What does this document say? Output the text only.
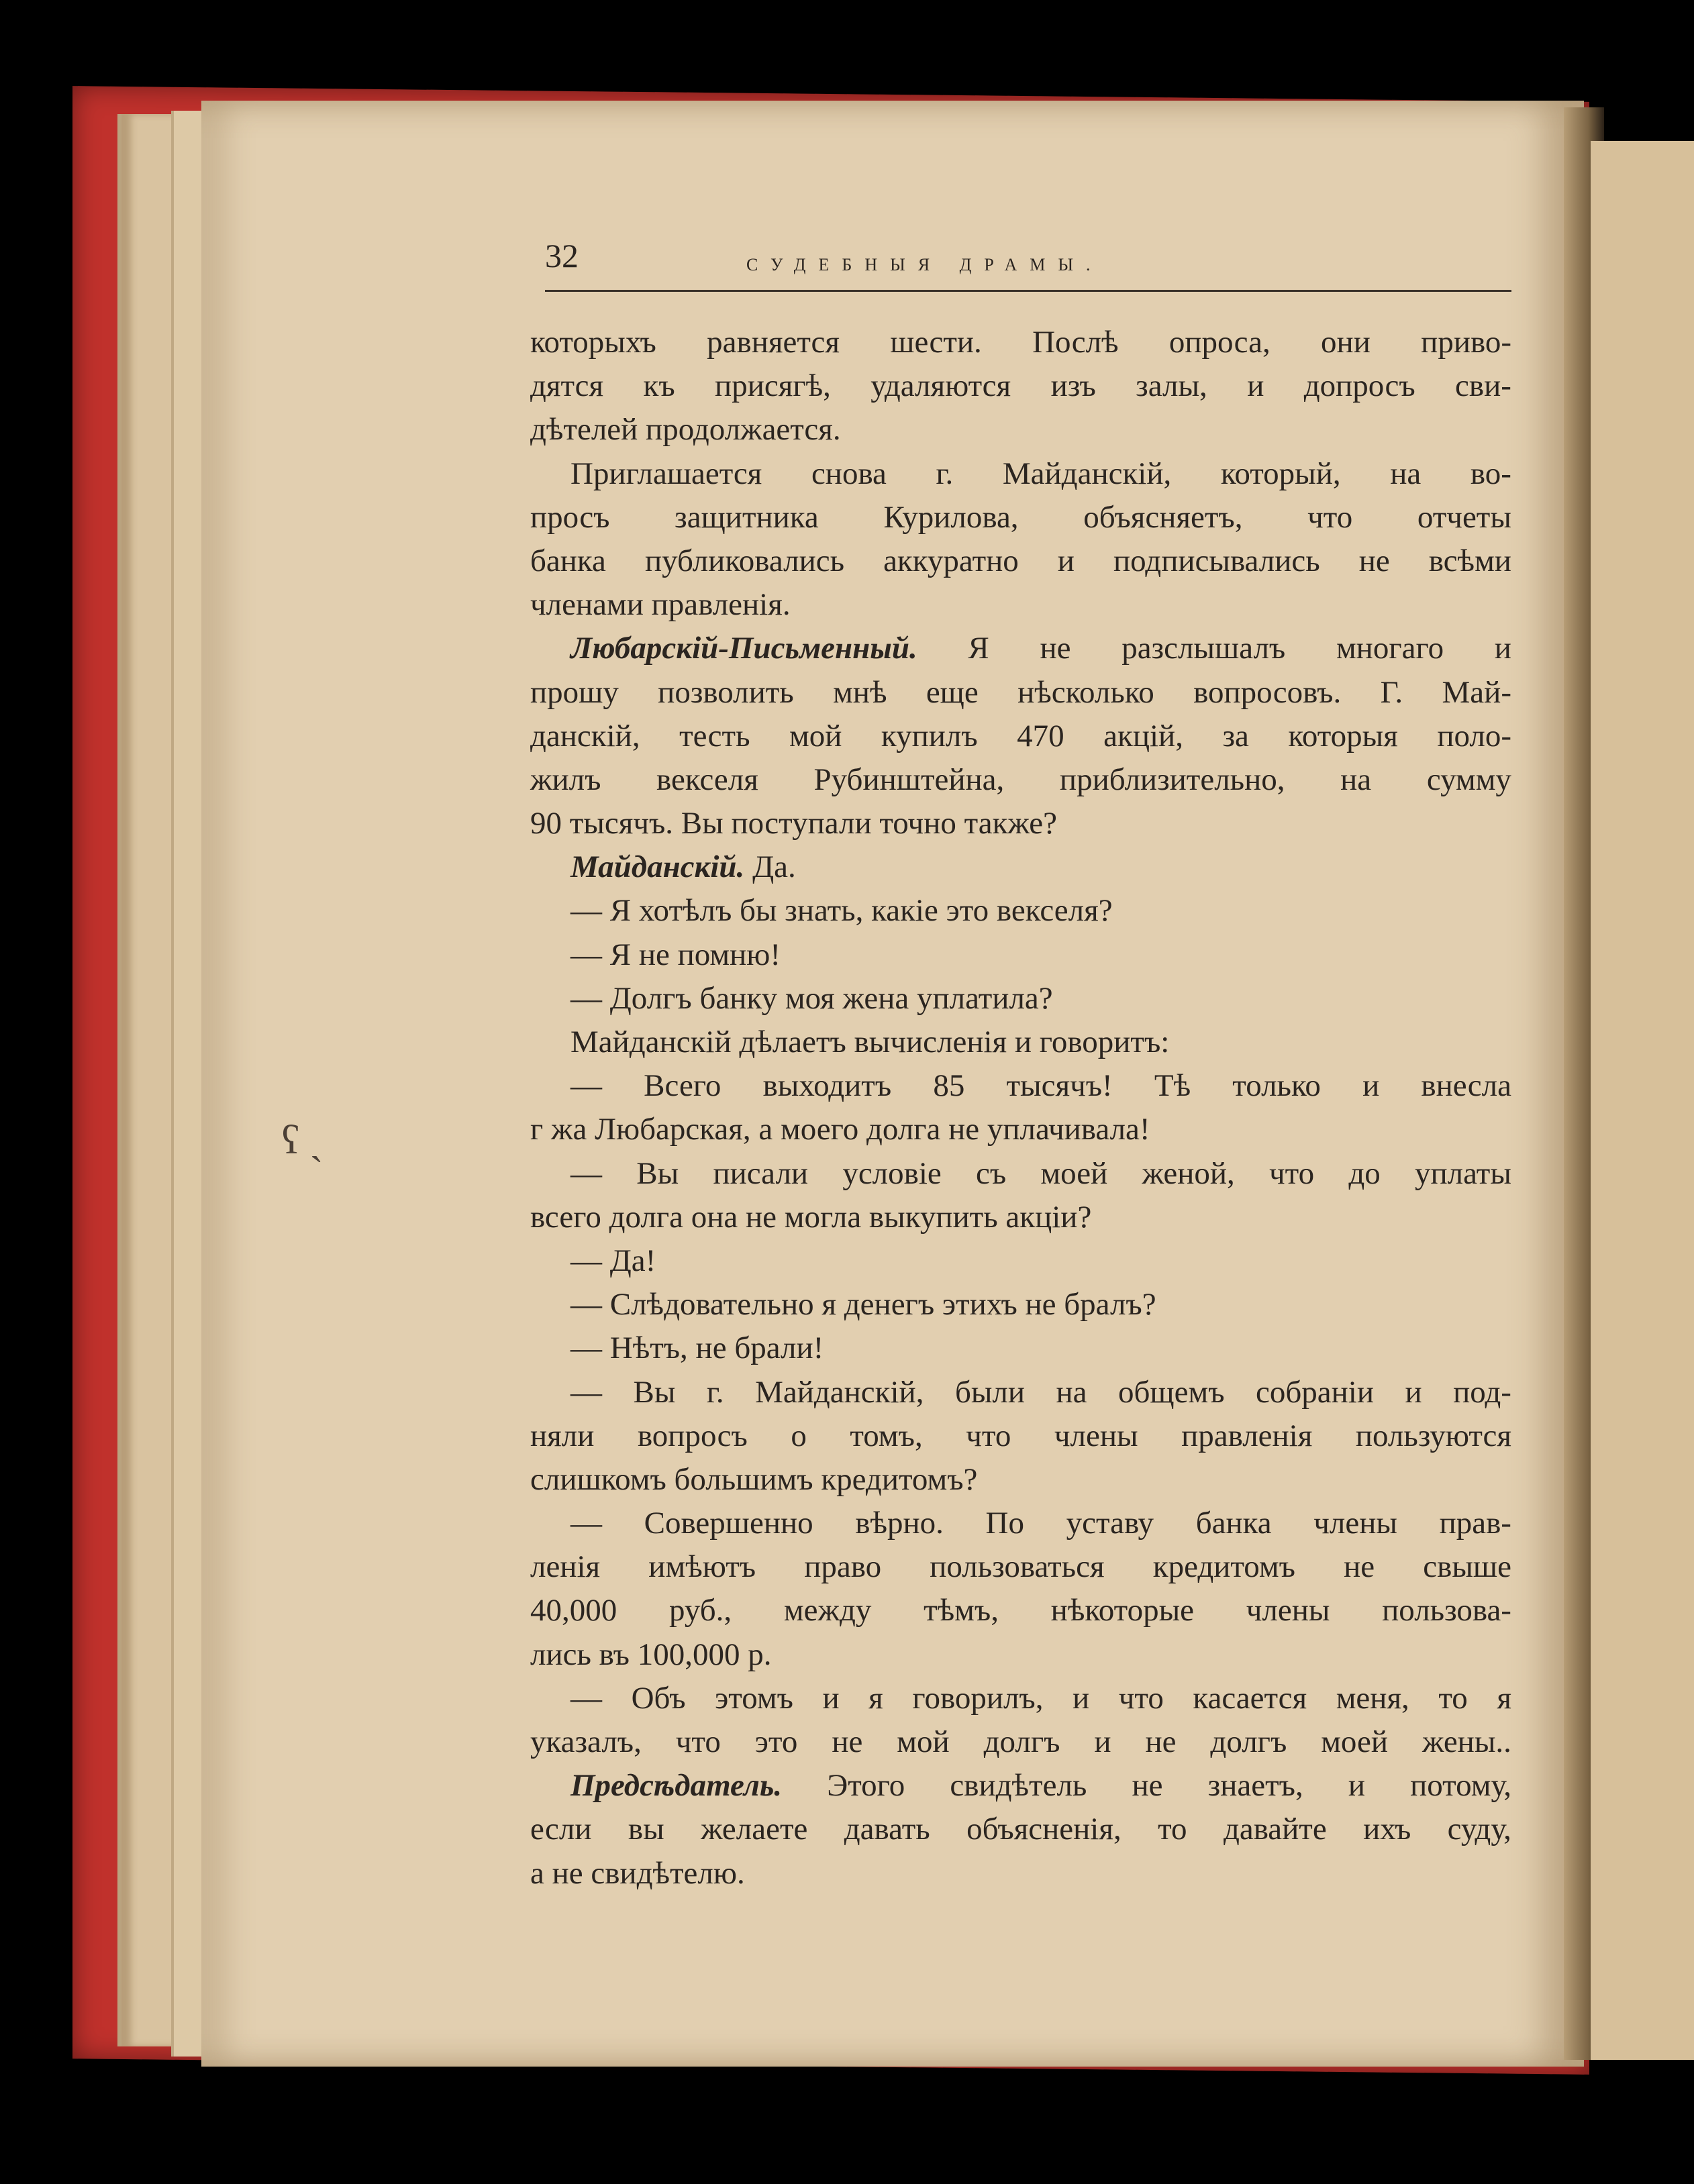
32	СУДЕБНЫЯ ДРАМЫ.
ʕ ˎ
которыхъ равняется шести. Послѣ опроса, они приво-
дятся къ присягѣ, удаляются изъ залы, и допросъ сви-
дѣтелей продолжается.
Приглашается снова г. Майданскій, который, на во-
просъ защитника Курилова, объясняетъ, что отчеты
банка публиковались аккуратно и подписывались не всѣми
членами правленія.
Любарскій-Письменный. Я не разслышалъ многаго и
прошу позволить мнѣ еще нѣсколько вопросовъ. Г. Май-
данскій, тесть мой купилъ 470 акцій, за которыя поло-
жилъ векселя Рубинштейна, приблизительно, на сумму
90 тысячъ. Вы поступали точно также?
Майданскій. Да.
— Я хотѣлъ бы знать, какіе это векселя?
— Я не помню!
— Долгъ банку моя жена уплатила?
Майданскій дѣлаетъ вычисленія и говоритъ:
— Всего выходитъ 85 тысячъ! Тѣ только и внесла
г жа Любарская, а моего долга не уплачивала!
— Вы писали условіе съ моей женой, что до уплаты
всего долга она не могла выкупить акціи?
— Да!
— Слѣдовательно я денегъ этихъ не бралъ?
— Нѣтъ, не брали!
— Вы г. Майданскій, были на общемъ собраніи и под-
няли вопросъ о томъ, что члены правленія пользуются
слишкомъ большимъ кредитомъ?
— Совершенно вѣрно. По уставу банка члены прав-
ленія имѣютъ право пользоваться кредитомъ не свыше
40,000 руб., между тѣмъ, нѣкоторые члены пользова-
лись въ 100,000 р.
— Объ этомъ и я говорилъ, и что касается меня, то я
указалъ, что это не мой долгъ и не долгъ моей жены..
Предсѣдатель. Этого свидѣтель не знаетъ, и потому,
если вы желаете давать объясненія, то давайте ихъ суду,
а не свидѣтелю.
